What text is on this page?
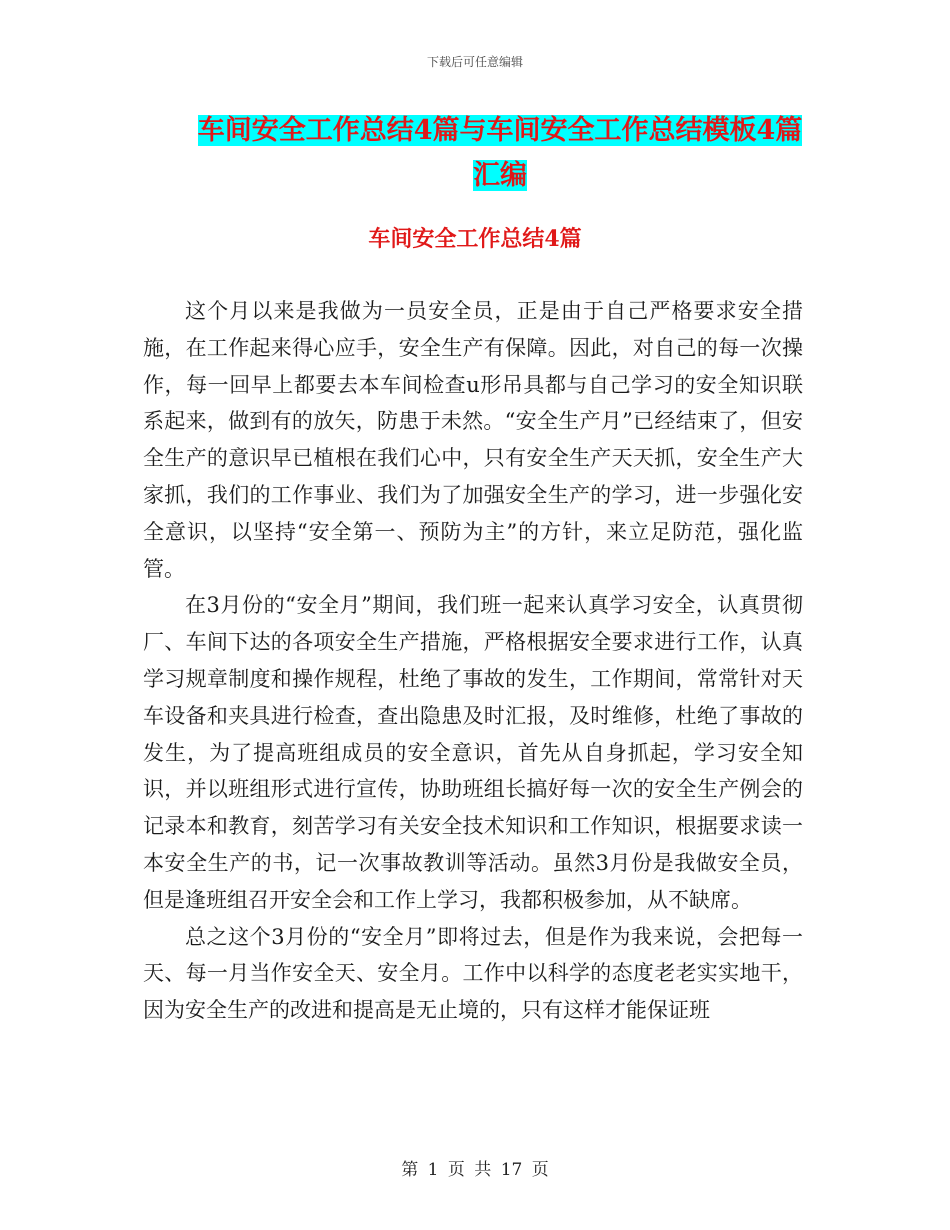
下载后可任意编辑
车间安全工作总结4篇与车间安全工作总结模板4篇汇编
车间安全工作总结4篇

这个月以来是我做为一员安全员，正是由于自己严格要求安全措施，在工作起来得心应手，安全生产有保障。因此，对自己的每一次操作，每一回早上都要去本车间检查u形吊具都与自己学习的安全知识联系起来，做到有的放矢，防患于未然。“安全生产月”已经结束了，但安全生产的意识早已植根在我们心中，只有安全生产天天抓，安全生产大家抓，我们的工作事业、我们为了加强安全生产的学习，进一步强化安全意识，以坚持“安全第一、预防为主”的方针，来立足防范，强化监管。

在3月份的“安全月”期间，我们班一起来认真学习安全，认真贯彻厂、车间下达的各项安全生产措施，严格根据安全要求进行工作，认真学习规章制度和操作规程，杜绝了事故的发生，工作期间，常常针对天车设备和夹具进行检查，查出隐患及时汇报，及时维修，杜绝了事故的发生，为了提高班组成员的安全意识，首先从自身抓起，学习安全知识，并以班组形式进行宣传，协助班组长搞好每一次的安全生产例会的记录本和教育，刻苦学习有关安全技术知识和工作知识，根据要求读一本安全生产的书，记一次事故教训等活动。虽然3月份是我做安全员，但是逢班组召开安全会和工作上学习，我都积极参加，从不缺席。

总之这个3月份的“安全月”即将过去，但是作为我来说，会把每一天、每一月当作安全天、安全月。工作中以科学的态度老老实实地干，因为安全生产的改进和提高是无止境的，只有这样才能保证班

第 1 页 共 17 页
